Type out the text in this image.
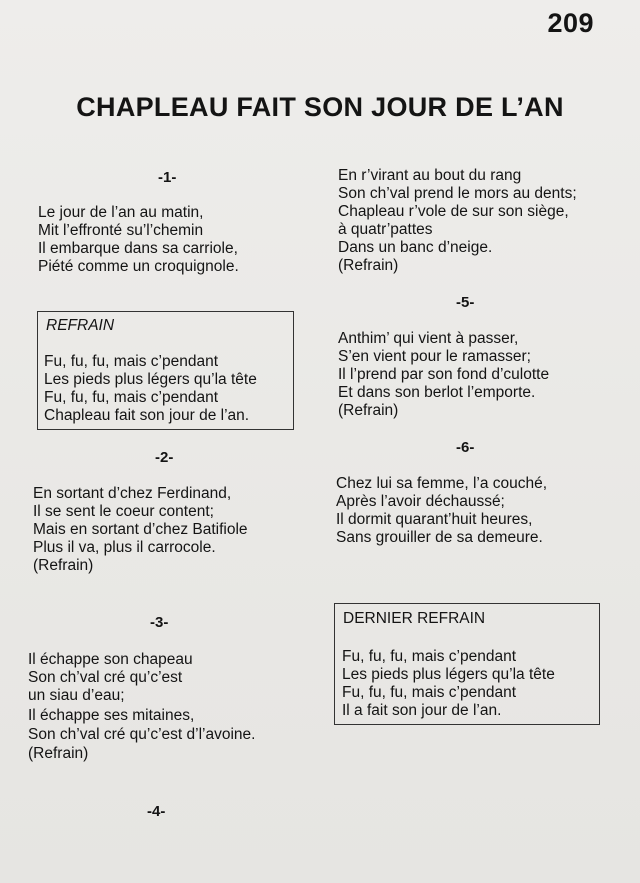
209
CHAPLEAU FAIT SON JOUR DE L’AN
-1-
Le jour de l’an au matin,
Mit l’effronté su’l’chemin
Il embarque dans sa carriole,
Piété comme un croquignole.
REFRAIN
Fu, fu, fu, mais c’pendant
Les pieds plus légers qu’la tête
Fu, fu, fu, mais c’pendant
Chapleau fait son jour de l’an.
-2-
En sortant d’chez Ferdinand,
Il se sent le coeur content;
Mais en sortant d’chez Batifiole
Plus il va, plus il carrocole.
(Refrain)
-3-
Il échappe son chapeau
Son ch’val cré qu’c’est
un siau d’eau;
Il échappe ses mitaines,
Son ch’val cré qu’c’est d’l’avoine.
(Refrain)
-4-
En r’virant au bout du rang
Son ch’val prend le mors au dents;
Chapleau r’vole de sur son siège,
à quatr’pattes
Dans un banc d’neige.
(Refrain)
-5-
Anthim’ qui vient à passer,
S’en vient pour le ramasser;
Il l’prend par son fond d’culotte
Et dans son berlot l’emporte.
(Refrain)
-6-
Chez lui sa femme, l’a couché,
Après l’avoir déchaussé;
Il dormit quarant’huit heures,
Sans grouiller de sa demeure.
DERNIER REFRAIN
Fu, fu, fu, mais c’pendant
Les pieds plus légers qu’la tête
Fu, fu, fu, mais c’pendant
Il a fait son jour de l’an.
